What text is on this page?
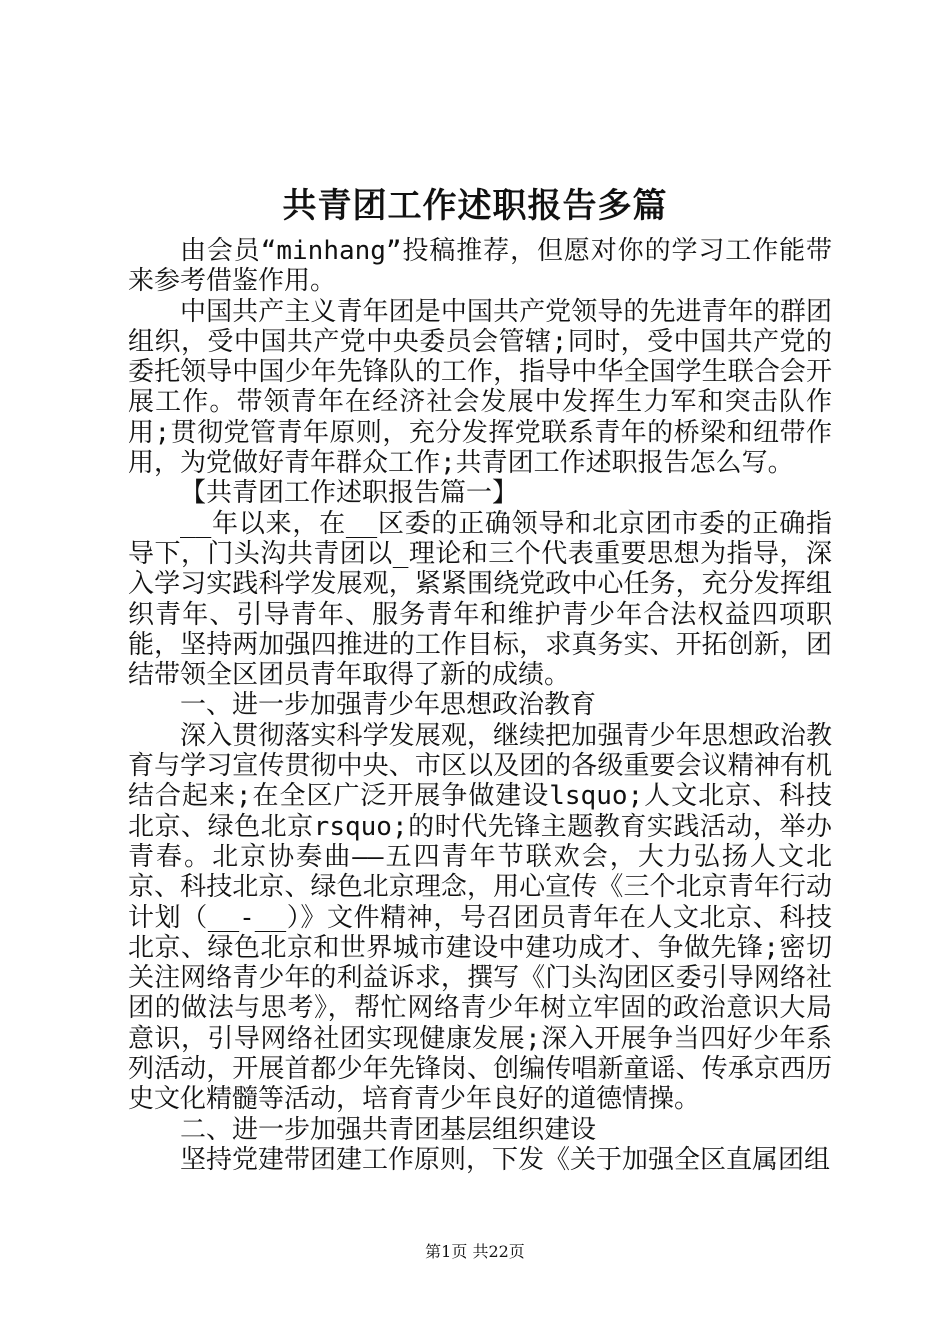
共青团工作述职报告多篇

由会员“minhang”投稿推荐，但愿对你的学习工作能带来参考借鉴作用。

中国共产主义青年团是中国共产党领导的先进青年的群团组织，受中国共产党中央委员会管辖;同时，受中国共产党的委托领导中国少年先锋队的工作，指导中华全国学生联合会开展工作。带领青年在经济社会发展中发挥生力军和突击队作用;贯彻党管青年原则，充分发挥党联系青年的桥梁和纽带作用，为党做好青年群众工作;共青团工作述职报告怎么写。

【共青团工作述职报告篇一】

__年以来，在__区委的正确领导和北京团市委的正确指导下，门头沟共青团以_理论和三个代表重要思想为指导，深入学习实践科学发展观，紧紧围绕党政中心任务，充分发挥组织青年、引导青年、服务青年和维护青少年合法权益四项职能，坚持两加强四推进的工作目标，求真务实、开拓创新，团结带领全区团员青年取得了新的成绩。

一、进一步加强青少年思想政治教育

深入贯彻落实科学发展观，继续把加强青少年思想政治教育与学习宣传贯彻中央、市区以及团的各级重要会议精神有机结合起来;在全区广泛开展争做建设lsquo;人文北京、科技北京、绿色北京rsquo;的时代先锋主题教育实践活动，举办青春。北京协奏曲——五四青年节联欢会，大力弘扬人文北京、科技北京、绿色北京理念，用心宣传《三个北京青年行动计划（__-__）》文件精神，号召团员青年在人文北京、科技北京、绿色北京和世界城市建设中建功成才、争做先锋;密切关注网络青少年的利益诉求，撰写《门头沟团区委引导网络社团的做法与思考》，帮忙网络青少年树立牢固的政治意识大局意识，引导网络社团实现健康发展;深入开展争当四好少年系列活动，开展首都少年先锋岗、创编传唱新童谣、传承京西历史文化精髓等活动，培育青少年良好的道德情操。

二、进一步加强共青团基层组织建设

坚持党建带团建工作原则，下发《关于加强全区直属团组

第1页 共22页
